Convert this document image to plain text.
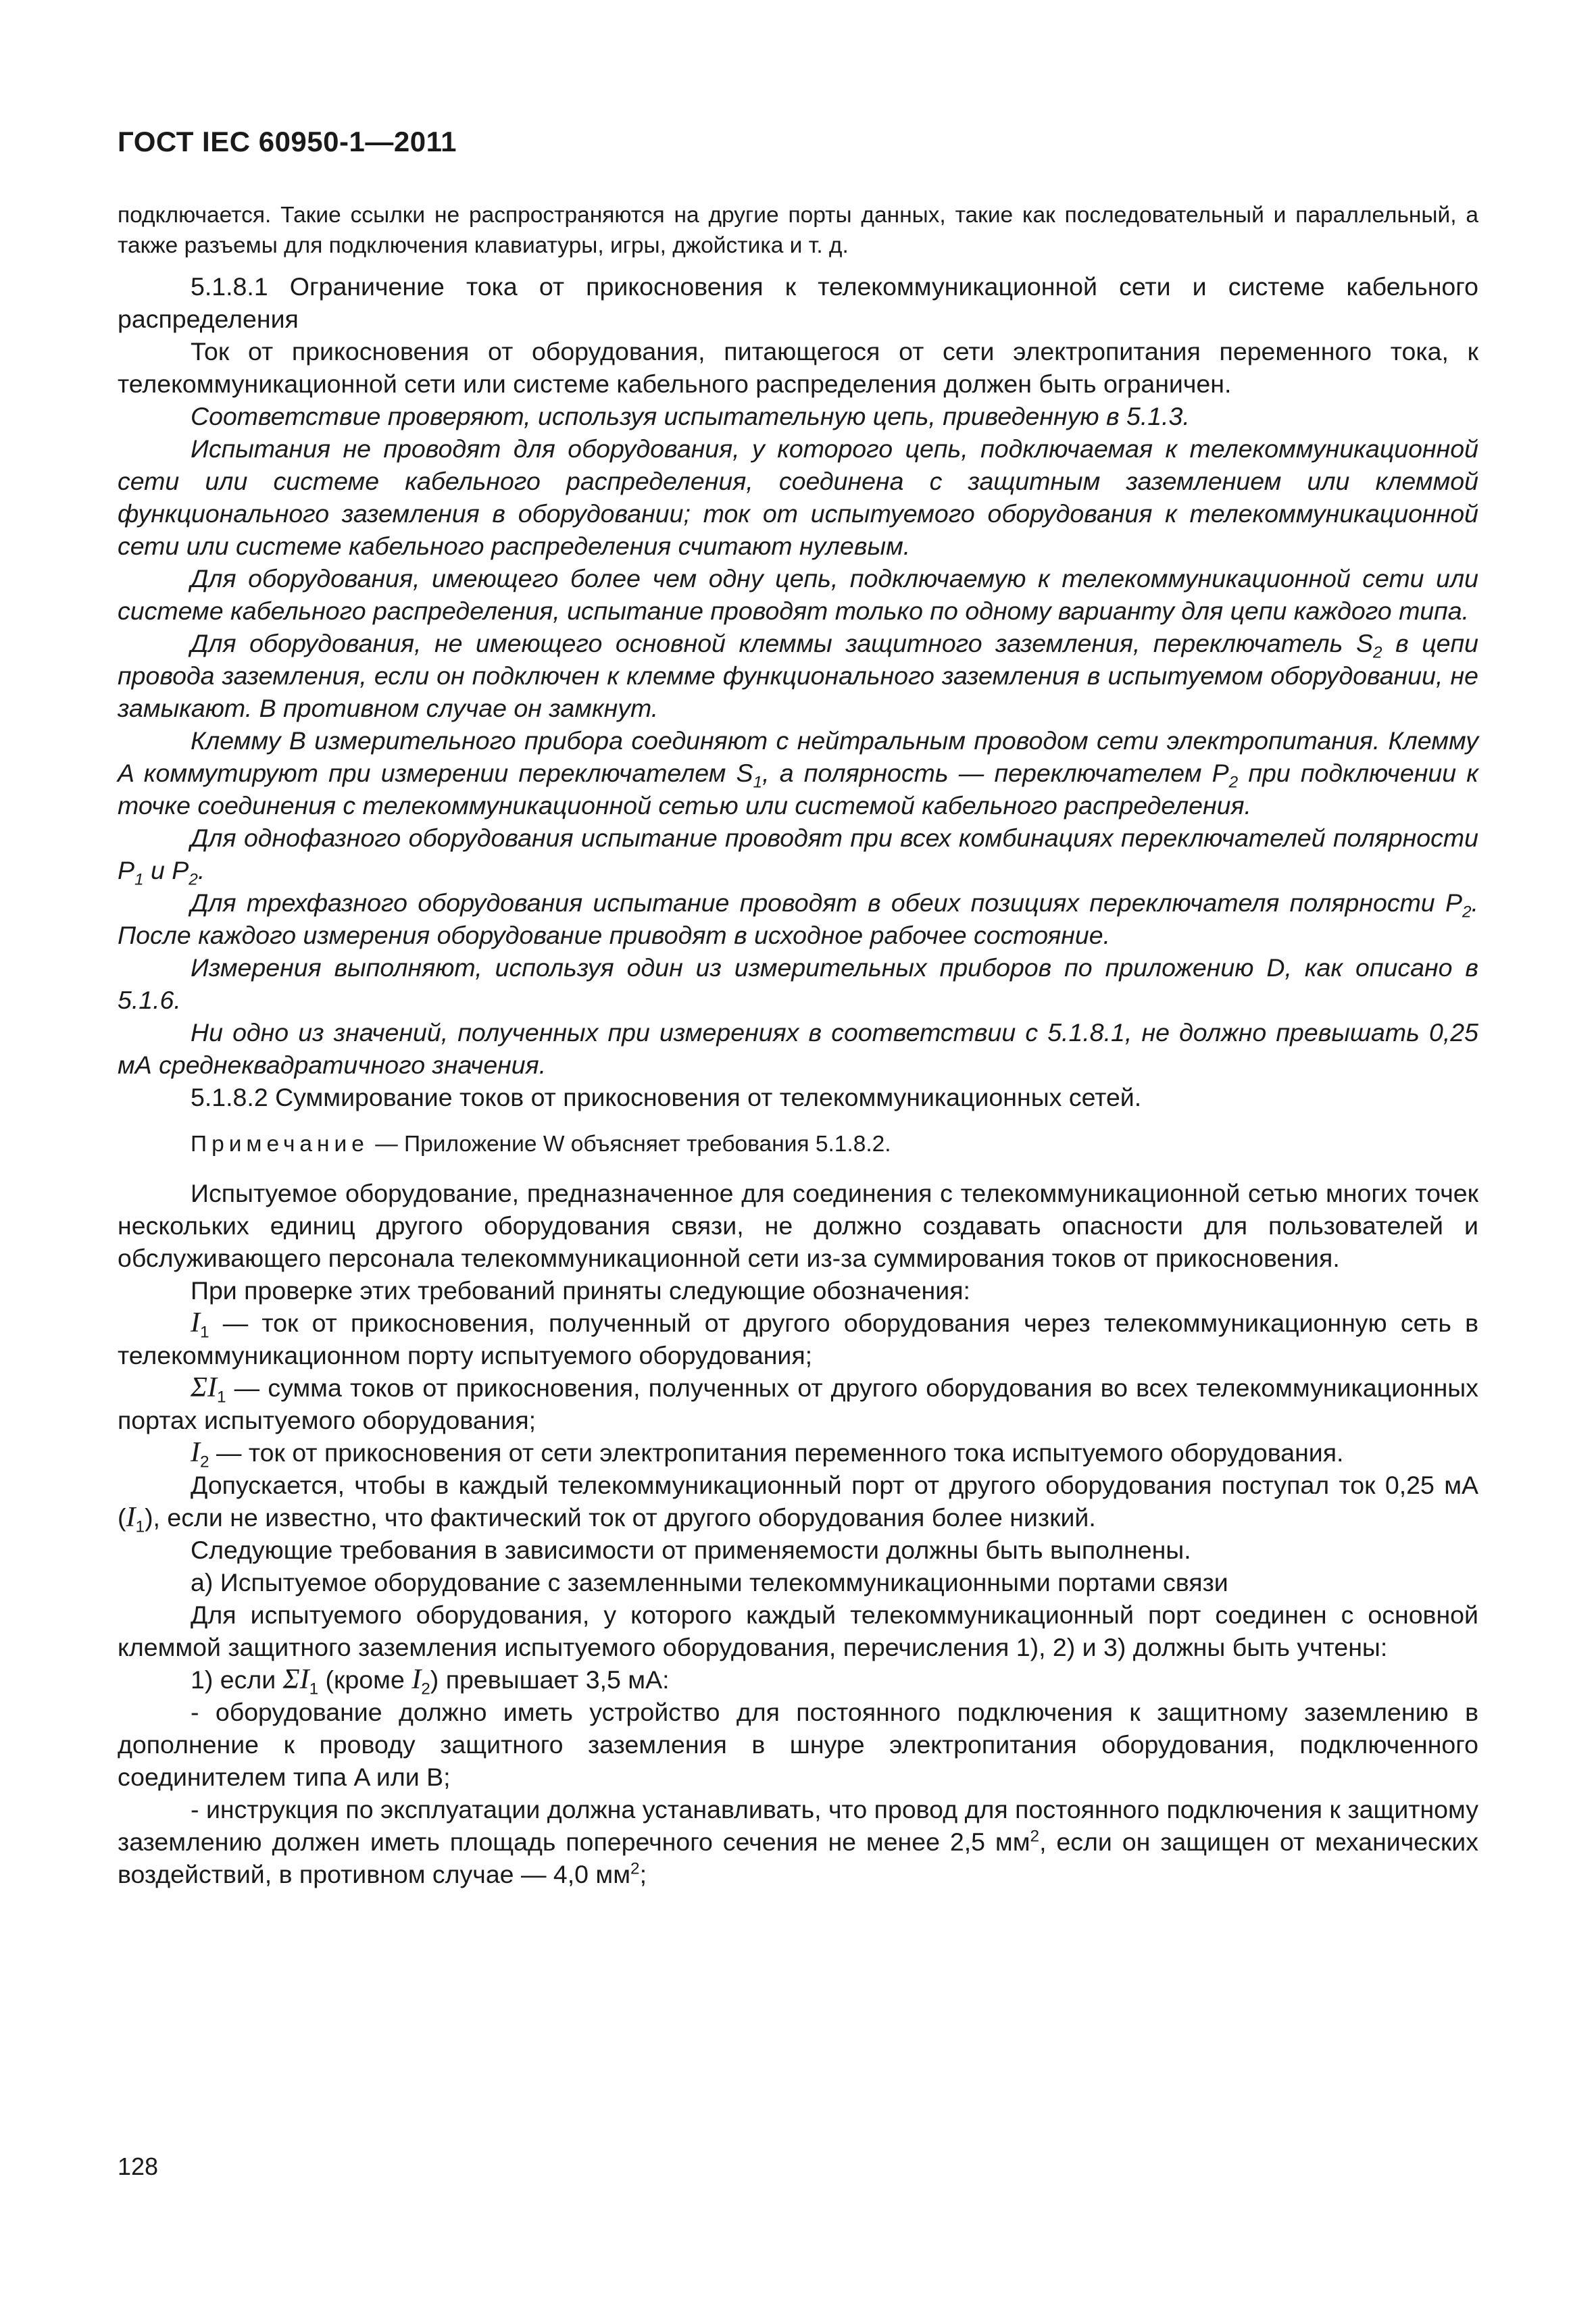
ГОСТ IEC 60950-1—2011

подключается. Такие ссылки не распространяются на другие порты данных, такие как последовательный и параллельный, а также разъемы для подключения клавиатуры, игры, джойстика и т. д.

5.1.8.1 Ограничение тока от прикосновения к телекоммуникационной сети и системе кабельного распределения

Ток от прикосновения от оборудования, питающегося от сети электропитания переменного тока, к телекоммуникационной сети или системе кабельного распределения должен быть ограничен.

Соответствие проверяют, используя испытательную цепь, приведенную в 5.1.3.

Испытания не проводят для оборудования, у которого цепь, подключаемая к телекоммуникационной сети или системе кабельного распределения, соединена с защитным заземлением или клеммой функционального заземления в оборудовании; ток от испытуемого оборудования к телекоммуникационной сети или системе кабельного распределения считают нулевым.

Для оборудования, имеющего более чем одну цепь, подключаемую к телекоммуникационной сети или системе кабельного распределения, испытание проводят только по одному варианту для цепи каждого типа.

Для оборудования, не имеющего основной клеммы защитного заземления, переключатель $S_2$ в цепи провода заземления, если он подключен к клемме функционального заземления в испытуемом оборудовании, не замыкают. В противном случае он замкнут.

Клемму B измерительного прибора соединяют с нейтральным проводом сети электропитания. Клемму A коммутируют при измерении переключателем $S_1$, а полярность — переключателем $P_2$ при подключении к точке соединения с телекоммуникационной сетью или системой кабельного распределения.

Для однофазного оборудования испытание проводят при всех комбинациях переключателей полярности $P_1$ и $P_2$.

Для трехфазного оборудования испытание проводят в обеих позициях переключателя полярности $P_2$. После каждого измерения оборудование приводят в исходное рабочее состояние.

Измерения выполняют, используя один из измерительных приборов по приложению D, как описано в 5.1.6.

Ни одно из значений, полученных при измерениях в соответствии с 5.1.8.1, не должно превышать 0,25 мА среднеквадратичного значения.

5.1.8.2 Суммирование токов от прикосновения от телекоммуникационных сетей.

Примечание — Приложение W объясняет требования 5.1.8.2.

Испытуемое оборудование, предназначенное для соединения с телекоммуникационной сетью многих точек нескольких единиц другого оборудования связи, не должно создавать опасности для пользователей и обслуживающего персонала телекоммуникационной сети из-за суммирования токов от прикосновения.

При проверке этих требований приняты следующие обозначения:

$I_1$ — ток от прикосновения, полученный от другого оборудования через телекоммуникационную сеть в телекоммуникационном порту испытуемого оборудования;

$\Sigma I_1$ — сумма токов от прикосновения, полученных от другого оборудования во всех телекоммуникационных портах испытуемого оборудования;

$I_2$ — ток от прикосновения от сети электропитания переменного тока испытуемого оборудования.

Допускается, чтобы в каждый телекоммуникационный порт от другого оборудования поступал ток 0,25 мА $(I_1)$, если не известно, что фактический ток от другого оборудования более низкий.

Следующие требования в зависимости от применяемости должны быть выполнены.

а) Испытуемое оборудование с заземленными телекоммуникационными портами связи

Для испытуемого оборудования, у которого каждый телекоммуникационный порт соединен с основной клеммой защитного заземления испытуемого оборудования, перечисления 1), 2) и 3) должны быть учтены:

1) если $\Sigma I_1$ (кроме $I_2$) превышает 3,5 мА:

- оборудование должно иметь устройство для постоянного подключения к защитному заземлению в дополнение к проводу защитного заземления в шнуре электропитания оборудования, подключенного соединителем типа A или B;

- инструкция по эксплуатации должна устанавливать, что провод для постоянного подключения к защитному заземлению должен иметь площадь поперечного сечения не менее 2,5 $мм^2$, если он защищен от механических воздействий, в противном случае — 4,0 $мм^2$;

128
